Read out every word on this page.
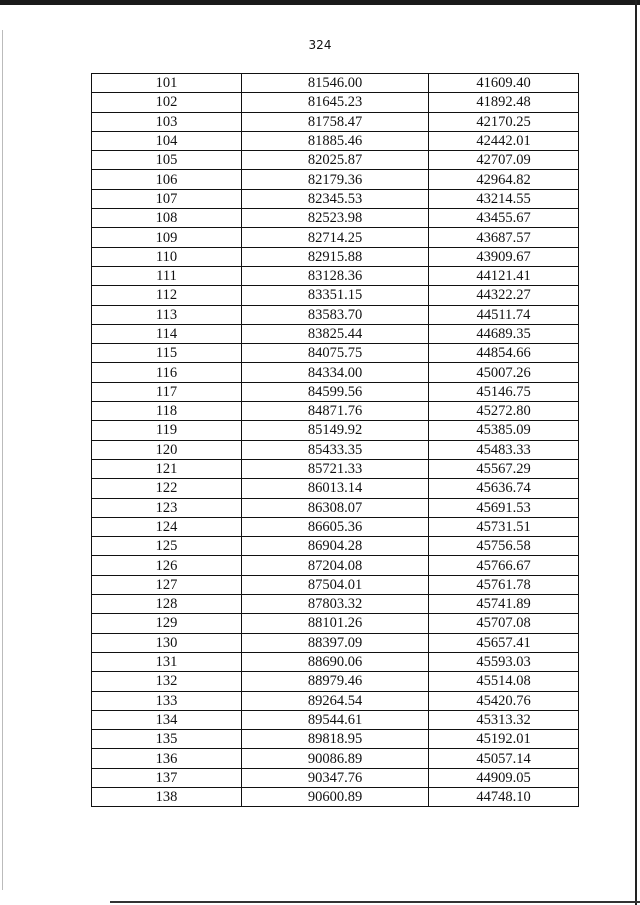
324
101	81546.00	41609.40
102	81645.23	41892.48
103	81758.47	42170.25
104	81885.46	42442.01
105	82025.87	42707.09
106	82179.36	42964.82
107	82345.53	43214.55
108	82523.98	43455.67
109	82714.25	43687.57
110	82915.88	43909.67
111	83128.36	44121.41
112	83351.15	44322.27
113	83583.70	44511.74
114	83825.44	44689.35
115	84075.75	44854.66
116	84334.00	45007.26
117	84599.56	45146.75
118	84871.76	45272.80
119	85149.92	45385.09
120	85433.35	45483.33
121	85721.33	45567.29
122	86013.14	45636.74
123	86308.07	45691.53
124	86605.36	45731.51
125	86904.28	45756.58
126	87204.08	45766.67
127	87504.01	45761.78
128	87803.32	45741.89
129	88101.26	45707.08
130	88397.09	45657.41
131	88690.06	45593.03
132	88979.46	45514.08
133	89264.54	45420.76
134	89544.61	45313.32
135	89818.95	45192.01
136	90086.89	45057.14
137	90347.76	44909.05
138	90600.89	44748.10
